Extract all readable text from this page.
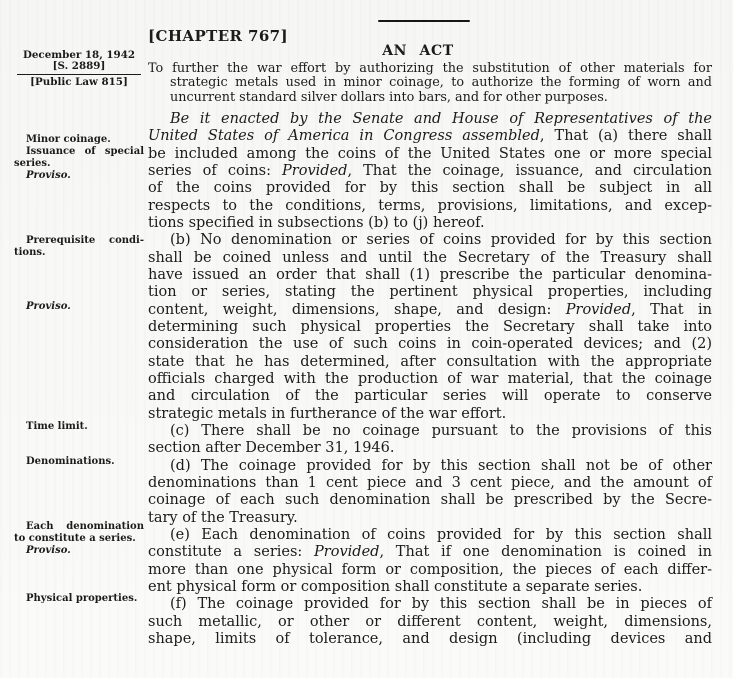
[CHAPTER 767]
AN ACT
December 18, 1942
[S. 2889]
[Public Law 815]
To further the war effort by authorizing the substitution of other materials for
strategic metals used in minor coinage, to authorize the forming of worn and
uncurrent standard silver dollars into bars, and for other purposes.
Be it enacted by the Senate and House of Representatives of the
United States of America in Congress assembled, That (a) there shall
be included among the coins of the United States one or more special
series of coins: Provided, That the coinage, issuance, and circulation
of the coins provided for by this section shall be subject in all
respects to the conditions, terms, provisions, limitations, and excep-
tions specified in subsections (b) to (j) hereof.
(b) No denomination or series of coins provided for by this section
shall be coined unless and until the Secretary of the Treasury shall
have issued an order that shall (1) prescribe the particular denomina-
tion or series, stating the pertinent physical properties, including
content, weight, dimensions, shape, and design: Provided, That in
determining such physical properties the Secretary shall take into
consideration the use of such coins in coin-operated devices; and (2)
state that he has determined, after consultation with the appropriate
officials charged with the production of war material, that the coinage
and circulation of the particular series will operate to conserve
strategic metals in furtherance of the war effort.
(c) There shall be no coinage pursuant to the provisions of this
section after December 31, 1946.
(d) The coinage provided for by this section shall not be of other
denominations than 1 cent piece and 3 cent piece, and the amount of
coinage of each such denomination shall be prescribed by the Secre-
tary of the Treasury.
(e) Each denomination of coins provided for by this section shall
constitute a series: Provided, That if one denomination is coined in
more than one physical form or composition, the pieces of each differ-
ent physical form or composition shall constitute a separate series.
(f) The coinage provided for by this section shall be in pieces of
such metallic, or other or different content, weight, dimensions,
shape, limits of tolerance, and design (including devices and
Minor coinage.
Issuance of special
series.
Proviso.
Prerequisite condi-
tions.
Proviso.
Time limit.
Denominations.
Each denomination
to constitute a series.
Proviso.
Physical properties.
